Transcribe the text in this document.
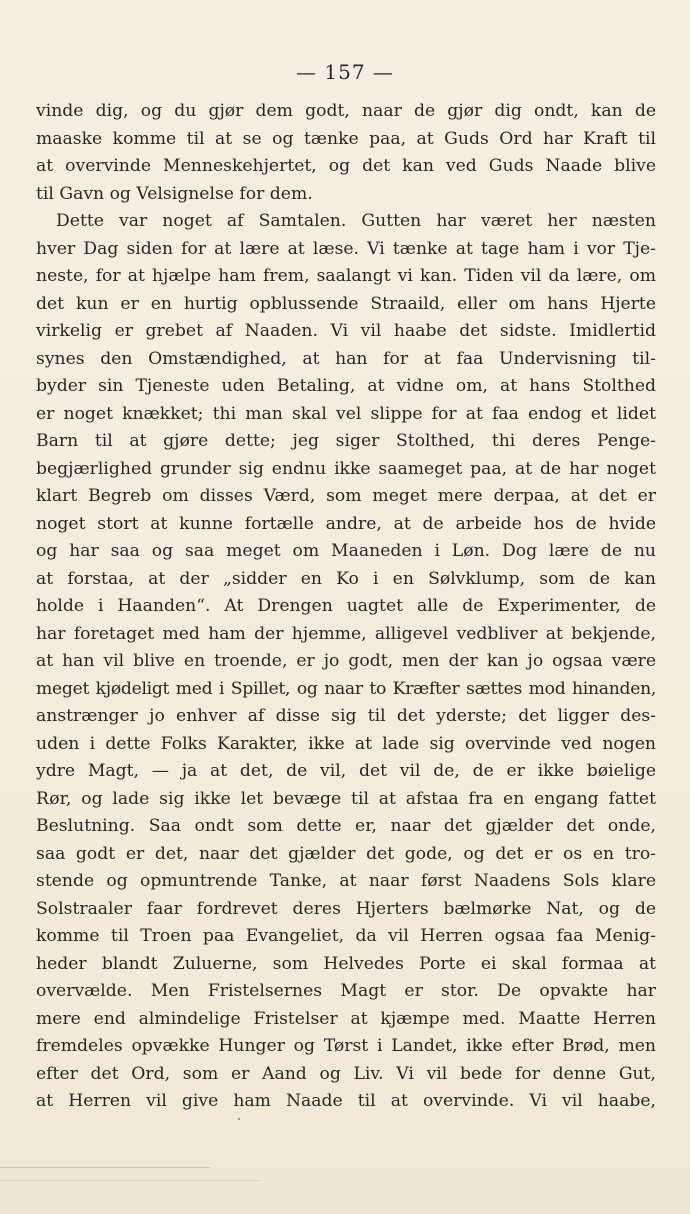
— 157 —
vinde dig, og du gjør dem godt, naar de gjør dig ondt, kan de
maaske komme til at se og tænke paa, at Guds Ord har Kraft til
at overvinde Menneskehjertet, og det kan ved Guds Naade blive
til Gavn og Velsignelse for dem.
Dette var noget af Samtalen. Gutten har været her næsten
hver Dag siden for at lære at læse. Vi tænke at tage ham i vor Tje-
neste, for at hjælpe ham frem, saalangt vi kan. Tiden vil da lære, om
det kun er en hurtig opblussende Straaild, eller om hans Hjerte
virkelig er grebet af Naaden. Vi vil haabe det sidste. Imidlertid
synes den Omstændighed, at han for at faa Undervisning til-
byder sin Tjeneste uden Betaling, at vidne om, at hans Stolthed
er noget knækket; thi man skal vel slippe for at faa endog et lidet
Barn til at gjøre dette; jeg siger Stolthed, thi deres Penge-
begjærlighed grunder sig endnu ikke saameget paa, at de har noget
klart Begreb om disses Værd, som meget mere derpaa, at det er
noget stort at kunne fortælle andre, at de arbeide hos de hvide
og har saa og saa meget om Maaneden i Løn. Dog lære de nu
at forstaa, at der „sidder en Ko i en Sølvklump, som de kan
holde i Haanden“. At Drengen uagtet alle de Experimenter, de
har foretaget med ham der hjemme, alligevel vedbliver at bekjende,
at han vil blive en troende, er jo godt, men der kan jo ogsaa være
meget kjødeligt med i Spillet, og naar to Kræfter sættes mod hinanden,
anstrænger jo enhver af disse sig til det yderste; det ligger des-
uden i dette Folks Karakter, ikke at lade sig overvinde ved nogen
ydre Magt, — ja at det, de vil, det vil de, de er ikke bøielige
Rør, og lade sig ikke let bevæge til at afstaa fra en engang fattet
Beslutning. Saa ondt som dette er, naar det gjælder det onde,
saa godt er det, naar det gjælder det gode, og det er os en tro-
stende og opmuntrende Tanke, at naar først Naadens Sols klare
Solstraaler faar fordrevet deres Hjerters bælmørke Nat, og de
komme til Troen paa Evangeliet, da vil Herren ogsaa faa Menig-
heder blandt Zuluerne, som Helvedes Porte ei skal formaa at
overvælde. Men Fristelsernes Magt er stor. De opvakte har
mere end almindelige Fristelser at kjæmpe med. Maatte Herren
fremdeles opvække Hunger og Tørst i Landet, ikke efter Brød, men
efter det Ord, som er Aand og Liv. Vi vil bede for denne Gut,
at Herren vil give ham Naade til at overvinde. Vi vil haabe,
